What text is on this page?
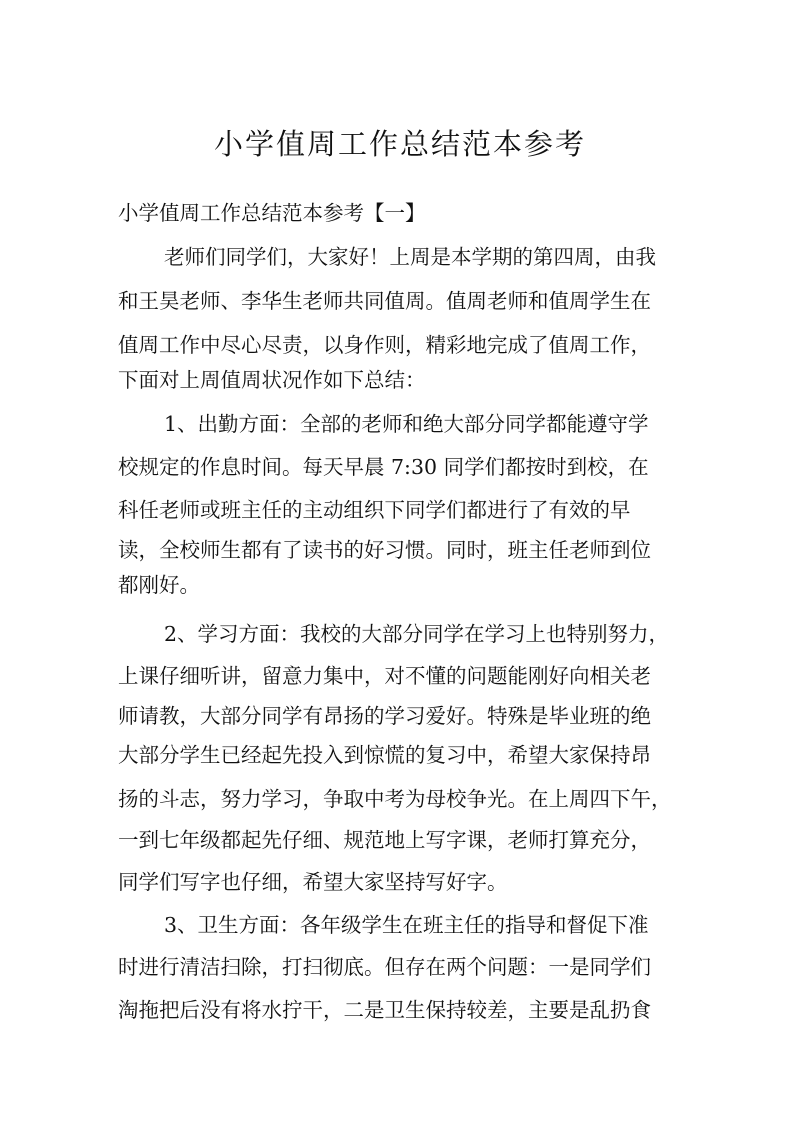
小学值周工作总结范本参考

小学值周工作总结范本参考【一】

老师们同学们，大家好！上周是本学期的第四周，由我

和王昊老师、李华生老师共同值周。值周老师和值周学生在

值周工作中尽心尽责，以身作则，精彩地完成了值周工作，

下面对上周值周状况作如下总结：

1、出勤方面：全部的老师和绝大部分同学都能遵守学

校规定的作息时间。每天早晨 7:30 同学们都按时到校，在

科任老师或班主任的主动组织下同学们都进行了有效的早

读，全校师生都有了读书的好习惯。同时，班主任老师到位

都刚好。

2、学习方面：我校的大部分同学在学习上也特别努力，

上课仔细听讲，留意力集中，对不懂的问题能刚好向相关老

师请教，大部分同学有昂扬的学习爱好。特殊是毕业班的绝

大部分学生已经起先投入到惊慌的复习中，希望大家保持昂

扬的斗志，努力学习，争取中考为母校争光。在上周四下午，

一到七年级都起先仔细、规范地上写字课，老师打算充分，

同学们写字也仔细，希望大家坚持写好字。

3、卫生方面：各年级学生在班主任的指导和督促下准

时进行清洁扫除，打扫彻底。但存在两个问题：一是同学们

淘拖把后没有将水拧干，二是卫生保持较差，主要是乱扔食
